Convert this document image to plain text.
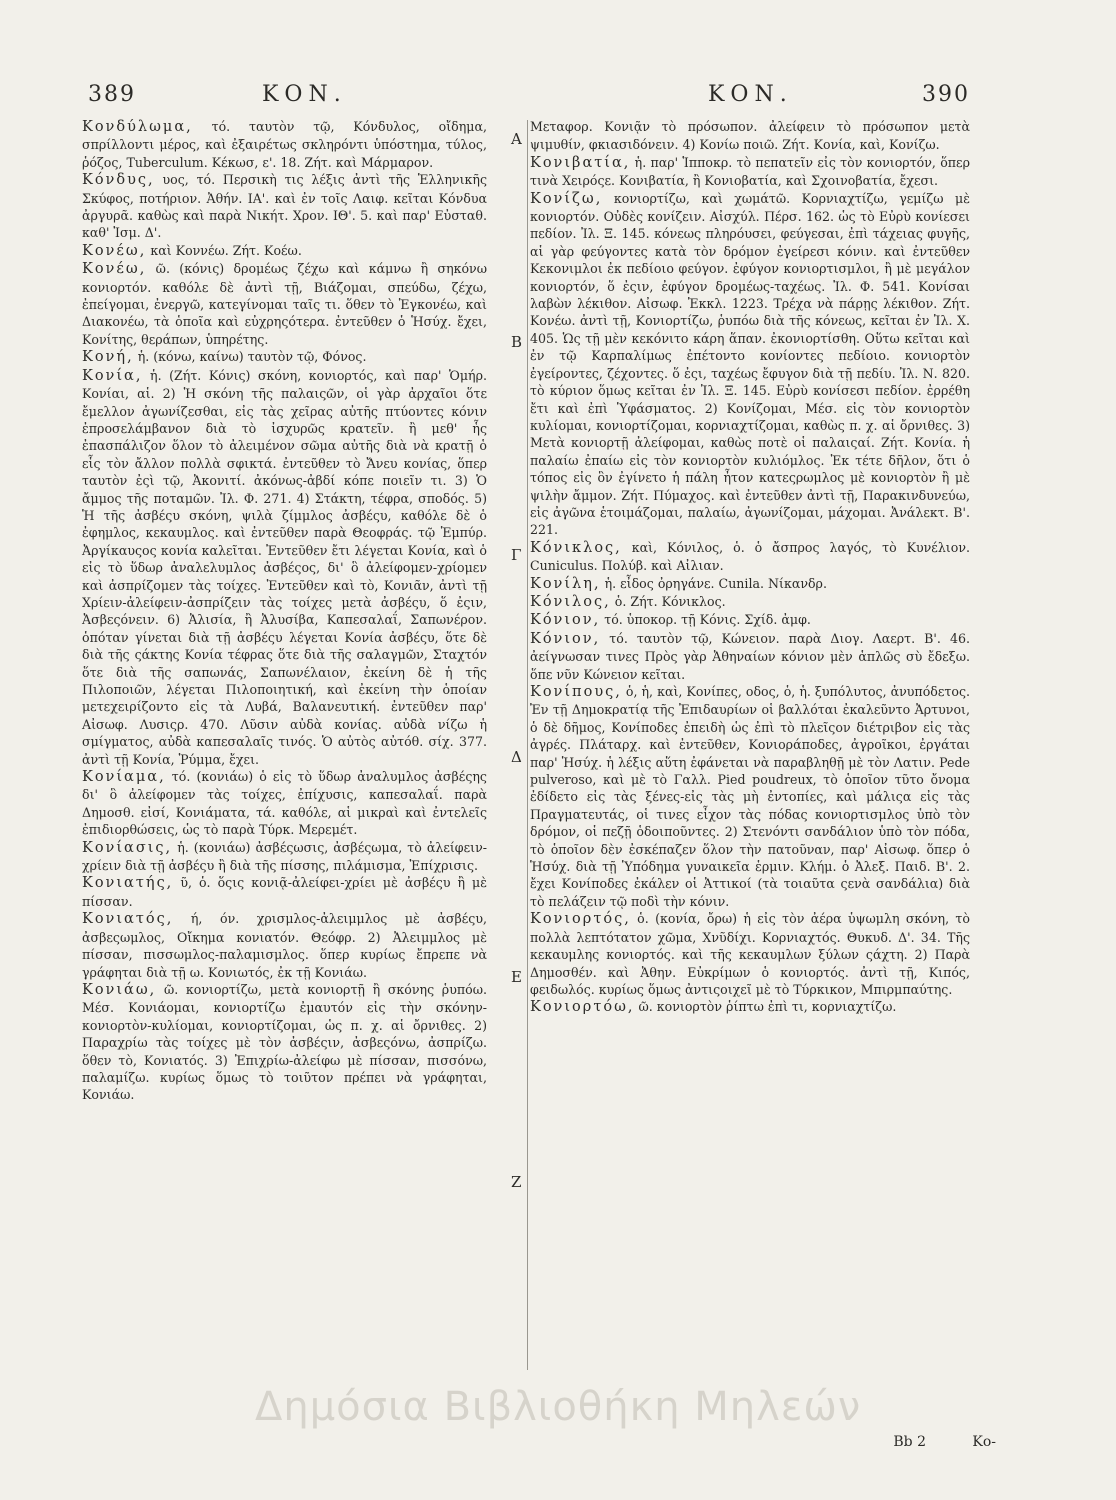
389	ΚΟΝ.	ΚΟΝ.	390

Κονδύλωμα, τό. ταυτὸν τῷ, Κόνδυλος, οἴδημα, σπρίλλοντι μέρος, καὶ ἐξαιρέτως σκληρόντι ὑπόστημα, τύλος, ῥόζος, Tuberculum. Κέκωσ, ε'. 18. Ζήτ. καὶ Μάρμαρον.

Κόνδυς, υος, τό. Περσικὴ τις λέξις ἀντὶ τῆς Ἑλληνικῆς Σκύφος, ποτήριον. Ἀθήν. ΙΑ'. καὶ ἐν τοῖς Λαιφ. κεῖται Κόνδυα ἀργυρᾶ. καθὼς καὶ παρὰ Νικήτ. Χρον. ΙΘ'. 5. καὶ παρ' Εὐσταθ. καθ' Ἰσμ. Δ'.

Κονέω, καὶ Κοννέω. Ζήτ. Κοέω.

Κονέω, ῶ. (κόνις) δρομέως ζέχω καὶ κάμνω ἢ σηκόνω κονιορτόν. καθόλε δὲ ἀντὶ τῇ, Βιάζομαι, σπεύδω, ζέχω, ἐπείγομαι, ἐνεργῶ, κατεγίνομαι ταῖς τι. ὅθεν τὸ Ἐγκονέω, καὶ Διακονέω, τὰ ὁποῖα καὶ εὐχρηςότερα. ἐντεῦθεν ὁ Ἡσύχ. ἔχει, Κονίτης, θεράπων, ὑπηρέτης.

Κονή, ἡ. (κόνω, καίνω) ταυτὸν τῷ, Φόνος.

Κονία, ἡ. (Ζήτ. Κόνις) σκόνη, κονιορτός, καὶ παρ' Ὁμήρ. Κονίαι, αἱ. 2) Ἡ σκόνη τῆς παλαιςῶν, οἱ γὰρ ἀρχαῖοι ὅτε ἔμελλον ἀγωνίζεσθαι, εἰς τὰς χεῖρας αὐτῆς πτύοντες κόνιν ἐπροσελάμβανον διὰ τὸ ἰσχυρῶς κρατεῖν. ἢ μεθ' ἧς ἐπασπάλιζον ὅλον τὸ ἀλειμένον σῶμα αὐτῆς διὰ νὰ κρατῇ ὁ εἷς τὸν ἄλλον πολλὰ σφικτά. ἐντεῦθεν τὸ Ἄνευ κονίας, ὅπερ ταυτὸν ἐςὶ τῷ, Ἀκονιτί. ἀκόνως-ἀβδί κόπε ποιεῖν τι. 3) Ὁ ἄμμος τῆς ποταμῶν. Ἰλ. Φ. 271. 4) Στάκτη, τέφρα, σποδός. 5) Ἡ τῆς ἀσβέςυ σκόνη, ψιλὰ ζίμμλος ἀσβέςυ, καθόλε δὲ ὁ ἐφημλος, κεκαυμλος. καὶ ἐντεῦθεν παρὰ Θεοφράς. τῷ Ἐμπύρ. Ἀργίκαυςος κονία καλεῖται. Ἐντεῦθεν ἔτι λέγεται Κονία, καὶ ὁ εἰς τὸ ὕδωρ ἀναλελυμλος ἀσβέςος, δι' ὃ ἀλείφομεν-χρίομεν καὶ ἀσπρίζομεν τὰς τοίχες. Ἐντεῦθεν καὶ τὸ, Κονιᾶν, ἀντὶ τῇ Χρίειν-ἀλείφειν-ἀσπρίζειν τὰς τοίχες μετὰ ἀσβέςυ, ὅ ἐςιν, Ἀσβεςόνειν. 6) Ἀλισία, ἢ Ἀλυσίβα, Καπεσαλαΐ, Σαπωνέρον. ὁπόταν γίνεται διὰ τῇ ἀσβέςυ λέγεται Κονία ἀσβέςυ, ὅτε δὲ διὰ τῆς ςάκτης Κονία τέφρας ὅτε διὰ τῆς σαλαγμῶν, Σταχτόν ὅτε διὰ τῆς σαπωνάς, Σαπωνέλαιον, ἐκείνη δὲ ἡ τῆς Πιλοποιῶν, λέγεται Πιλοποιητική, καὶ ἐκείνη τὴν ὁποίαν μετεχειρίζοντο εἰς τὰ Λυβά, Βαλανευτική. ἐντεῦθεν παρ' Αἰσωφ. Λυσιςρ. 470. Λῦσιν αὐδὰ κονίας. αὐδὰ νίζω ἡ σμίγματος, αὐδὰ καπεσαλαῖς τινός. Ὁ αὐτὸς αὐτόθ. σίχ. 377. ἀντὶ τῇ Κονία, Ῥύμμα, ἔχει.

Κονίαμα, τό. (κονιάω) ὁ εἰς τὸ ὕδωρ ἀναλυμλος ἀσβέςης δι' ὃ ἀλείφομεν τὰς τοίχες, ἐπίχυσις, καπεσαλαΐ. παρὰ Δημοσθ. εἰσί, Κονιάματα, τά. καθόλε, αἱ μικραὶ καὶ ἐντελεῖς ἐπιδιορθώσεις, ὡς τὸ παρὰ Τύρκ. Μερεμέτ.

Κονίασις, ἡ. (κονιάω) ἀσβέςωσις, ἀσβέςωμα, τὸ ἀλείφειν-χρίειν διὰ τῇ ἀσβέςυ ἢ διὰ τῆς πίσσης, πιλάμισμα, Ἐπίχρισις.

Κονιατής, ῦ, ὁ. ὅςις κονιᾷ-ἀλείφει-χρίει μὲ ἀσβέςυ ἢ μὲ πίσσαν.

Κονιατός, ή, όν. χρισμλος-ἀλειμμλος μὲ ἀσβέςυ, ἀσβεςωμλος, Οἴκημα κονιατόν. Θεόφρ. 2) Ἀλειμμλος μὲ πίσσαν, πισσωμλος-παλαμισμλος. ὅπερ κυρίως ἔπρεπε νὰ γράφηται διὰ τῇ ω. Κονιωτός, ἐκ τῇ Κονιάω.

Κονιάω, ῶ. κονιορτίζω, μετὰ κονιορτῇ ἢ σκόνης ῥυπόω. Μέσ. Κονιάομαι, κονιορτίζω ἐμαυτόν εἰς τὴν σκόνην-κονιορτὸν-κυλίομαι, κονιορτίζομαι, ὡς π. χ. αἱ ὄρνιθες. 2) Παραχρίω τὰς τοίχες μὲ τὸν ἀσβέςιν, ἀσβεςόνω, ἀσπρίζω. ὅθεν τὸ, Κονιατός. 3) Ἐπιχρίω-ἀλείφω μὲ πίσσαν, πισσόνω, παλαμίζω. κυρίως ὅμως τὸ τοιῦτον πρέπει νὰ γράφηται, Κονιάω.

Α
Β
Γ
Δ
Ε
Ζ

Μεταφορ. Κονιᾷν τὸ πρόσωπον. ἀλείφειν τὸ πρόσωπον μετὰ ψιμυθίν, φκιασιδόνειν. 4) Κονίω ποιῶ. Ζήτ. Κονία, καὶ, Κονίζω.

Κονιβατία, ἡ. παρ' Ἱπποκρ. τὸ πεπατεῖν εἰς τὸν κονιορτόν, ὅπερ τινὰ Χειρόςε. Κονιβατία, ἢ Κονιοβατία, καὶ Σχοινοβατία, ἔχεσι.

Κονίζω, κονιορτίζω, καὶ χωμάτῶ. Κορνιαχτίζω, γεμίζω μὲ κονιορτόν. Οὐδὲς κονίζειν. Αἰσχύλ. Πέρσ. 162. ὡς τὸ Εὐρὺ κονίεσει πεδίον. Ἰλ. Ξ. 145. κόνεως πληρόυσει, φεύγεσαι, ἐπὶ τάχειας φυγῆς, αἱ γὰρ φεύγοντες κατὰ τὸν δρόμον ἐγείρεσι κόνιν. καὶ ἐντεῦθεν Κεκονιμλοι ἐκ πεδίοιο φεύγον. ἐφύγον κονιορτισμλοι, ἢ μὲ μεγάλον κονιορτόν, ὅ ἐςιν, ἐφύγον δρομέως-ταχέως. Ἰλ. Φ. 541. Κονίσαι λαβὼν λέκιθον. Αἰσωφ. Ἐκκλ. 1223. Τρέχα νὰ πάρῃς λέκιθον. Ζήτ. Κονέω. ἀντὶ τῇ, Κονιορτίζω, ῥυπόω διὰ τῆς κόνεως, κεῖται ἐν Ἰλ. Χ. 405. Ὡς τῇ μὲν κεκόνιτο κάρη ἅπαν. ἐκονιορτίσθη. Οὕτω κεῖται καὶ ἐν τῷ Καρπαλίμως ἐπέτοντο κονίοντες πεδίοιο. κονιορτὸν ἐγείροντες, ζέχοντες. ὅ ἐςι, ταχέως ἔφυγον διὰ τῇ πεδίυ. Ἰλ. Ν. 820. τὸ κύριον ὅμως κεῖται ἐν Ἰλ. Ξ. 145. Εὐρὺ κονίσεσι πεδίον. ἐρρέθη ἔτι καὶ ἐπὶ Ὑφάσματος. 2) Κονίζομαι, Μέσ. εἰς τὸν κονιορτὸν κυλίομαι, κονιορτίζομαι, κορνιαχτίζομαι, καθὼς π. χ. αἱ ὄρνιθες. 3) Μετὰ κονιορτῇ ἀλείφομαι, καθὼς ποτὲ οἱ παλαιςαί. Ζήτ. Κονία. ἡ παλαίω ἐπαίω εἰς τὸν κονιορτὸν κυλιόμλος. Ἐκ τέτε δῆλον, ὅτι ὁ τόπος εἰς ὃν ἐγίνετο ἡ πάλη ἦτον κατεςρωμλος μὲ κονιορτὸν ἢ μὲ ψιλὴν ἄμμον. Ζήτ. Πύμαχος. καὶ ἐντεῦθεν ἀντὶ τῇ, Παρακινδυνεύω, εἰς ἀγῶνα ἑτοιμάζομαι, παλαίω, ἀγωνίζομαι, μάχομαι. Ἀνάλεκτ. Β'. 221.

Κόνικλος, καὶ, Κόνιλος, ὁ. ὁ ἄσπρος λαγός, τὸ Κυνέλιον. Cuniculus. Πολύβ. καὶ Αἰλιαν.

Κονίλη, ἡ. εἶδος ὀρηγάνε. Cunila. Νίκανδρ.

Κόνιλος, ὁ. Ζήτ. Κόνικλος.

Κόνιον, τό. ὑποκορ. τῇ Κόνις. Σχίδ. ἀμφ.

Κόνιον, τό. ταυτὸν τῷ, Κώνειον. παρὰ Διογ. Λαερτ. Β'. 46. ἀείγνωσαν τινες Πρὸς γὰρ Ἀθηναίων κόνιον μὲν ἁπλῶς σὺ ἔδεξω. ὅπε νῦν Κώνειον κεῖται.

Κονίπους, ὁ, ἡ, καὶ, Κονίπες, οδος, ὁ, ἡ. ξυπόλυτος, ἀνυπόδετος. Ἐν τῇ Δημοκρατίᾳ τῆς Ἐπιδαυρίων οἱ βαλλόται ἐκαλεῦντο Ἀρτυνοι, ὁ δὲ δῆμος, Κονίποδες ἐπειδὴ ὡς ἐπὶ τὸ πλεῖςον διέτριβον εἰς τὰς ἀγρές. Πλάταρχ. καὶ ἐντεῦθεν, Κονιοράποδες, ἀγροῖκοι, ἐργάται παρ' Ἡσύχ. ἡ λέξις αὕτη ἐφάνεται νὰ παραβληθῇ μὲ τὸν Λατιν. Pede pulveroso, καὶ μὲ τὸ Γαλλ. Pied poudreux, τὸ ὁποῖον τῦτο ὄνομα ἐδίδετο εἰς τὰς ξένες-εἰς τὰς μὴ ἐντοπίες, καὶ μάλιςα εἰς τὰς Πραγματευτάς, οἱ τινες εἶχον τὰς πόδας κονιορτισμλος ὑπὸ τὸν δρόμον, οἱ πεζῇ ὁδοιποῦντες. 2) Στενόντι σανδάλιον ὑπὸ τὸν πόδα, τὸ ὁποῖον δὲν ἐσκέπαζεν ὅλον τὴν πατοῦναν, παρ' Αἰσωφ. ὅπερ ὁ Ἡσύχ. διὰ τῇ Ὑπόδημα γυναικεῖα ἑρμιν. Κλήμ. ὁ Ἀλεξ. Παιδ. Β'. 2. ἔχει Κονίποδες ἐκάλεν οἱ Ἀττικοί (τὰ τοιαῦτα ςενὰ σανδάλια) διὰ τὸ πελάζειν τῷ ποδὶ τὴν κόνιν.

Κονιορτός, ὁ. (κονία, ὄρω) ἡ εἰς τὸν ἀέρα ὑψωμλη σκόνη, τὸ πολλὰ λεπτότατον χῶμα, Χνῦδίχι. Κορνιαχτός. Θυκυδ. Δ'. 34. Τῆς κεκαυμλης κονιορτός. καὶ τῆς κεκαυμλων ξύλων ςάχτη. 2) Παρὰ Δημοσθέν. καὶ Ἀθην. Εὐκρίμων ὁ κονιορτός. ἀντὶ τῇ, Κιπός, φειδωλός. κυρίως ὅμως ἀντιςοιχεῖ μὲ τὸ Τύρκικον, Μπιρμπαύτης.

Κονιορτόω, ῶ. κονιορτὸν ῥίπτω ἐπὶ τι, κορνιαχτίζω.

Bb 2	Κο-
Δημόσια Βιβλιοθήκη Μηλεών
